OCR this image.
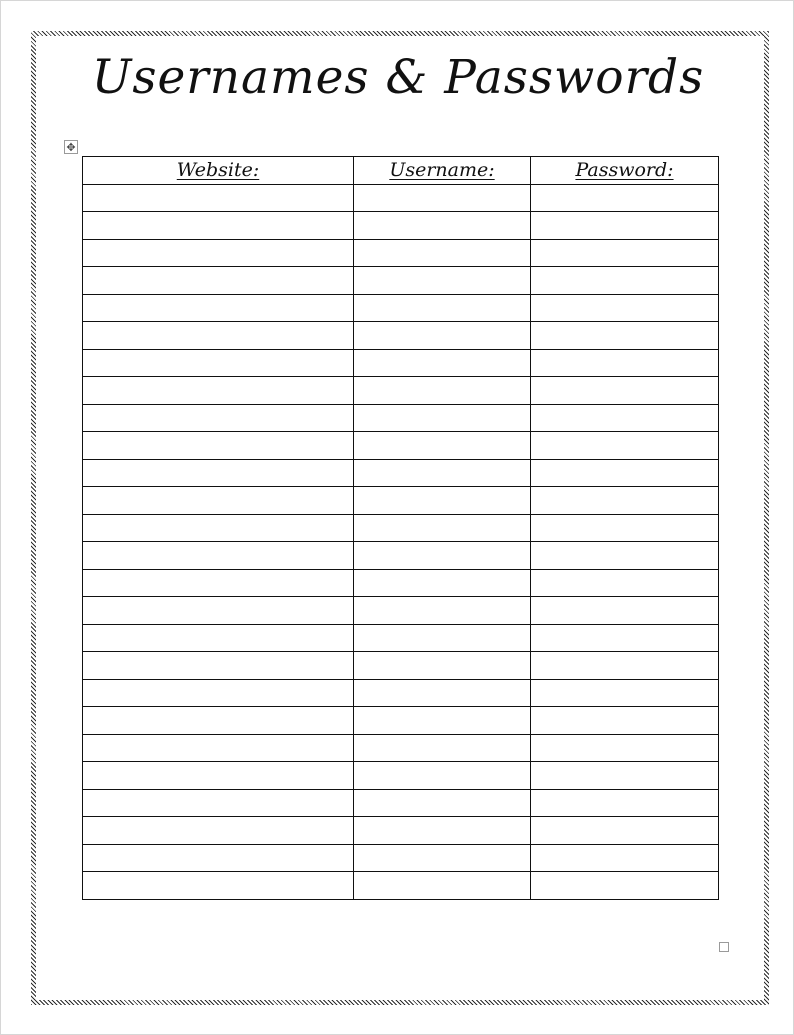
Usernames & Passwords
✥
Website:	Username:	Password:
